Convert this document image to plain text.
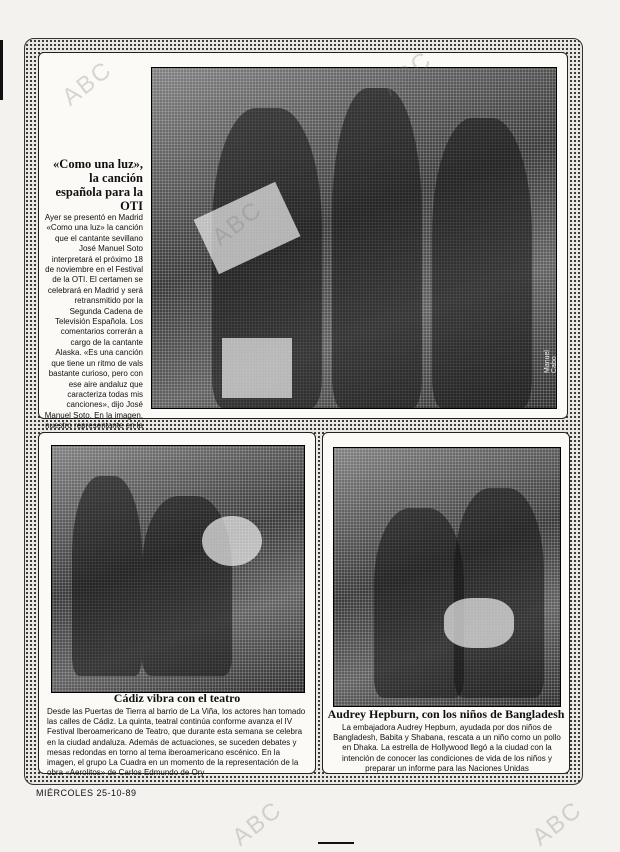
«Como una luz», la canción española para la OTI
Ayer se presentó en Madrid «Como una luz» la canción que el cantante sevillano José Manuel Soto interpretará el próximo 18 de noviembre en el Festival de la OTI. El certamen se celebrará en Madrid y será retransmitido por la Segunda Cadena de Televisión Española. Los comentarios correrán a cargo de la cantante Alaska. «Es una canción que tiene un ritmo de vals bastante curioso, pero con ese aire andaluz que caracteriza todas mis canciones», dijo José Manuel Soto. En la imagen, nuestro representante en la
Manuel Cabo
Cádiz vibra con el teatro
Desde las Puertas de Tierra al barrio de La Viña, los actores han tomado las calles de Cádiz. La quinta, teatral continúa conforme avanza el IV Festival Iberoamericano de Teatro, que durante esta semana se celebra en la ciudad andaluza. Además de actuaciones, se suceden debates y mesas redondas en torno al tema iberoamericano escénico. En la imagen, el grupo La Cuadra en un momento de la representación de la obra «Aerolitos» de Carlos Edmundo de Ory
Audrey Hepburn, con los niños de Bangladesh
La embajadora Audrey Hepburn, ayudada por dos niños de Bangladesh, Babita y Shabana, rescata a un niño como un pollo en Dhaka. La estrella de Hollywood llegó a la ciudad con la intención de conocer las condiciones de vida de los niños y preparar un informe para las Naciones Unidas
MIÉRCOLES 25-10-89
ABC	ABC
ABC
ABC	ABC
